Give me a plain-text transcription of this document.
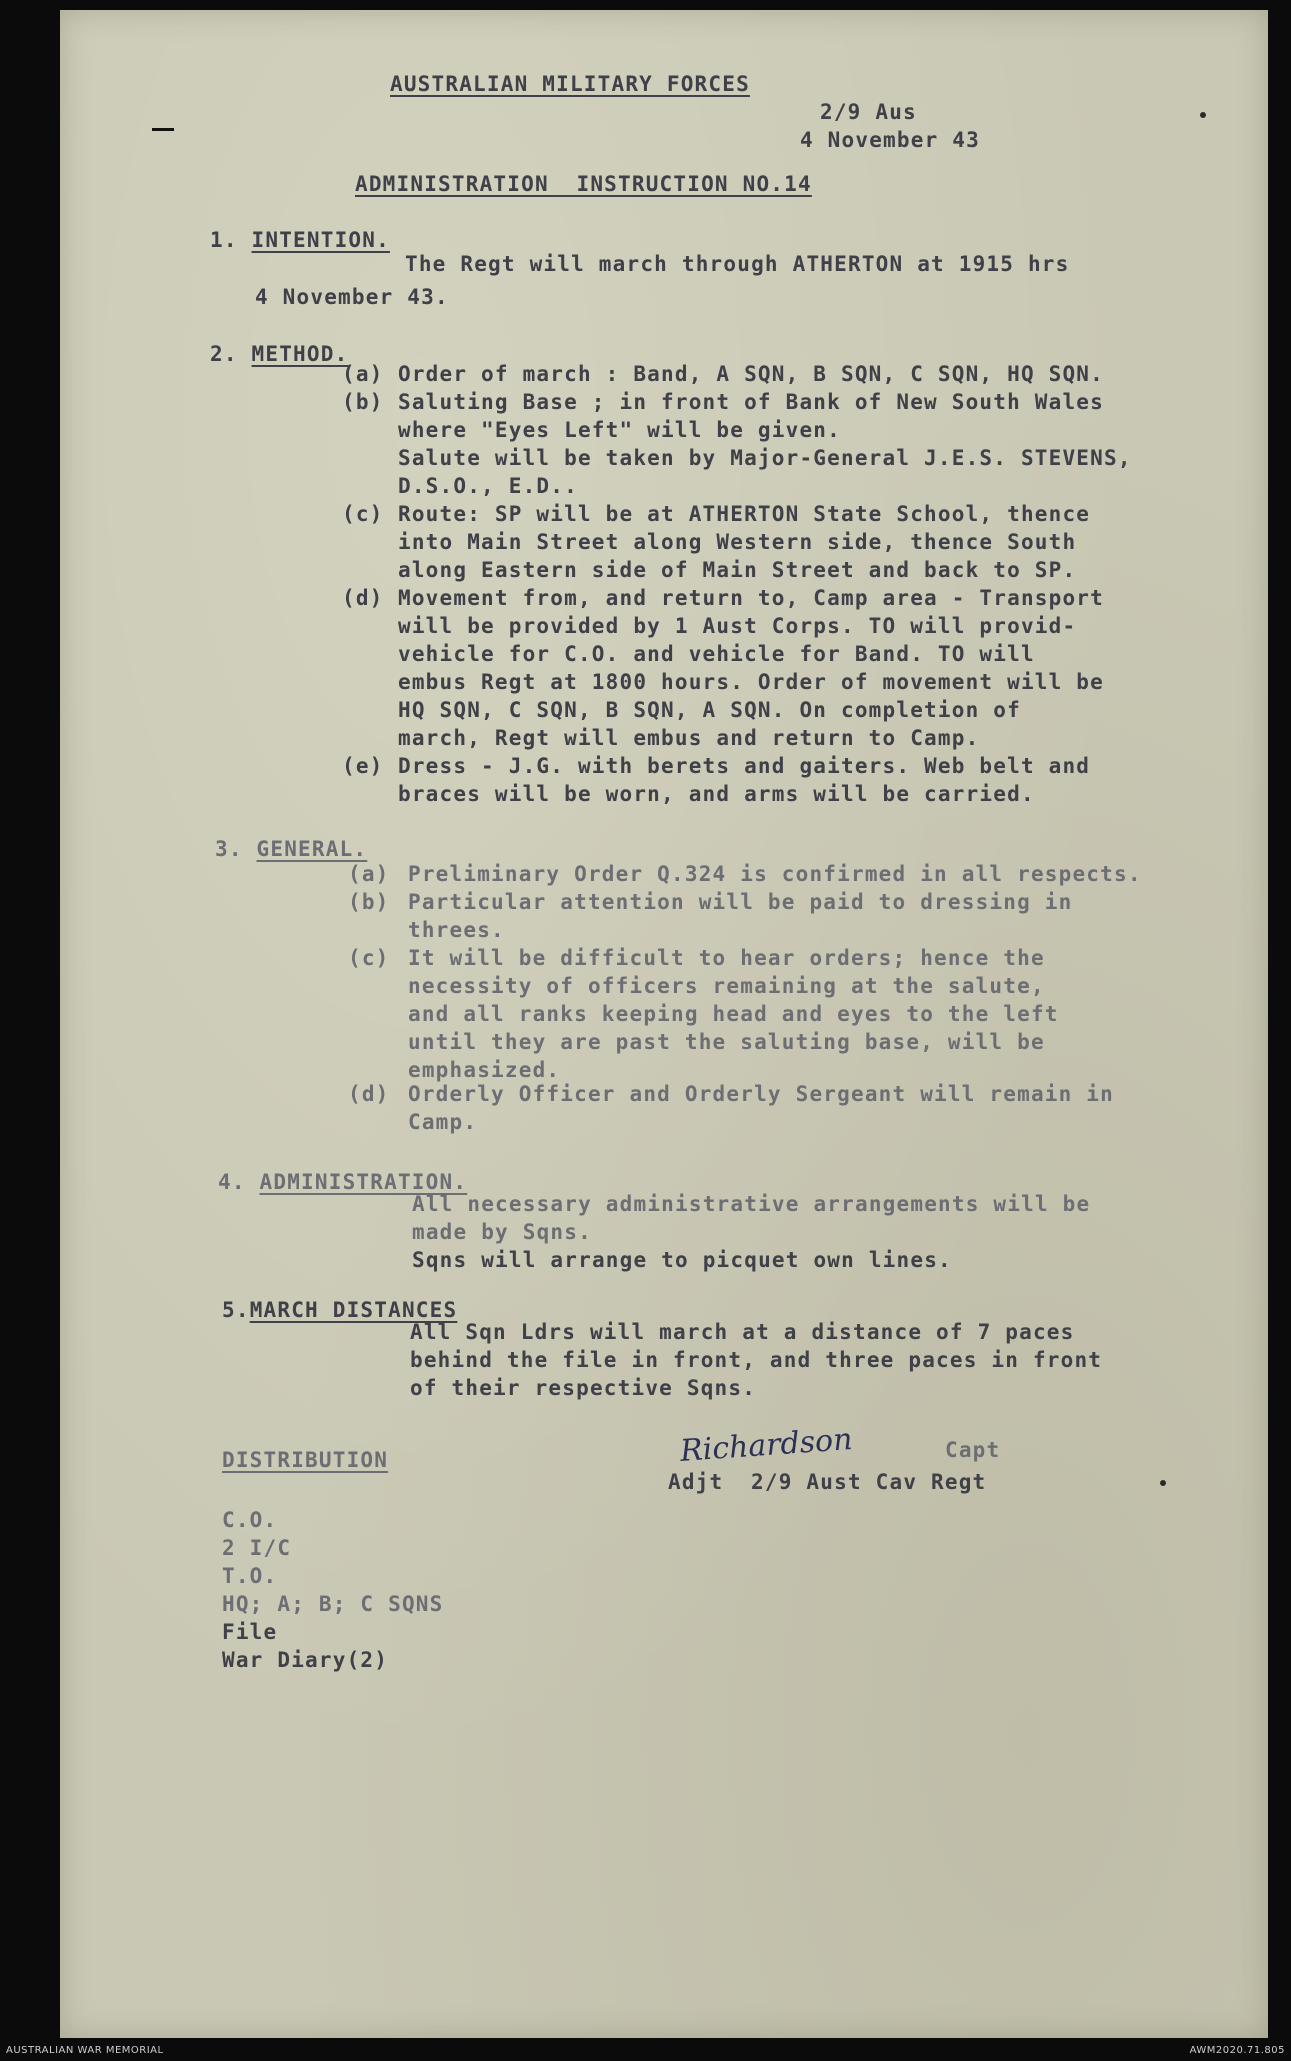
AUSTRALIAN MILITARY FORCES
2/9 Aus
4 November 43
ADMINISTRATION  INSTRUCTION NO.14
1. INTENTION.
The Regt will march through ATHERTON at 1915 hrs
4 November 43.
2. METHOD.
(a) Order of march : Band, A SQN, B SQN, C SQN, HQ SQN.
(b) Saluting Base ; in front of Bank of New South Wales
where "Eyes Left" will be given.
Salute will be taken by Major-General J.E.S. STEVENS,
D.S.O., E.D..
(c) Route: SP will be at ATHERTON State School, thence
into Main Street along Western side, thence South
along Eastern side of Main Street and back to SP.
(d) Movement from, and return to, Camp area - Transport
will be provided by 1 Aust Corps. TO will provid-
vehicle for C.O. and vehicle for Band. TO will
embus Regt at 1800 hours. Order of movement will be
HQ SQN, C SQN, B SQN, A SQN. On completion of
march, Regt will embus and return to Camp.
(e) Dress - J.G. with berets and gaiters. Web belt and
braces will be worn, and arms will be carried.
3. GENERAL.
(a) Preliminary Order Q.324 is confirmed in all respects.
(b) Particular attention will be paid to dressing in
threes.
(c) It will be difficult to hear orders; hence the
necessity of officers remaining at the salute,
and all ranks keeping head and eyes to the left
until they are past the saluting base, will be
emphasized.
(d) Orderly Officer and Orderly Sergeant will remain in
Camp.
4. ADMINISTRATION.
All necessary administrative arrangements will be
made by Sqns.
Sqns will arrange to picquet own lines.
5.MARCH DISTANCES
All Sqn Ldrs will march at a distance of 7 paces
behind the file in front, and three paces in front
of their respective Sqns.
Richardson	Capt
Adjt  2/9 Aust Cav Regt
DISTRIBUTION
C.O.
2 I/C
T.O.
HQ; A; B; C SQNS
File
War Diary(2)
AUSTRALIAN WAR MEMORIAL	AWM2020.71.805
